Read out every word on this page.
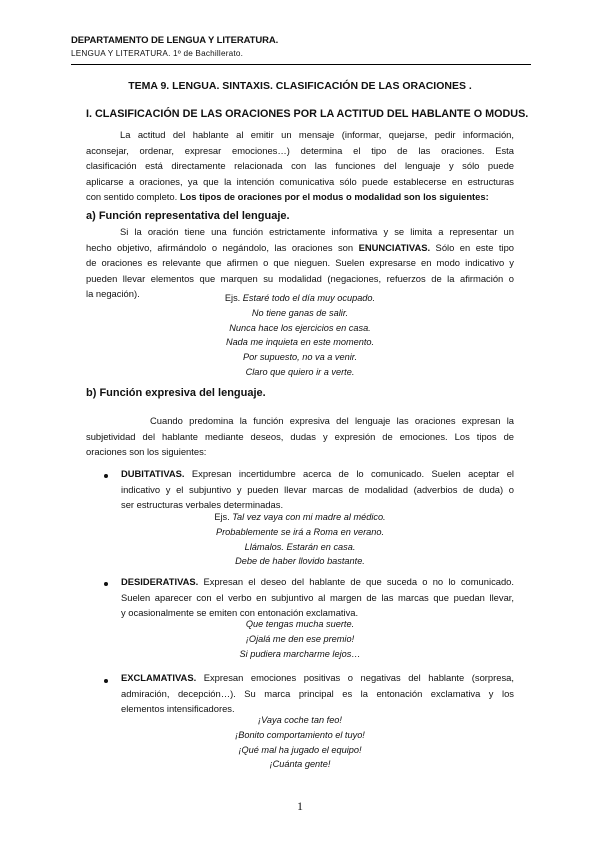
DEPARTAMENTO DE LENGUA Y LITERATURA.
LENGUA Y LITERATURA. 1º de Bachillerato.
TEMA 9. LENGUA. SINTAXIS. CLASIFICACIÓN DE LAS ORACIONES .
I. CLASIFICACIÓN DE LAS ORACIONES POR LA ACTITUD DEL HABLANTE O MODUS.
La actitud del hablante al emitir un mensaje (informar, quejarse, pedir información,
aconsejar, ordenar, expresar emociones…) determina el tipo de las oraciones. Esta
clasificación está directamente relacionada con las funciones del lenguaje y sólo puede
aplicarse a oraciones, ya que la intención comunicativa sólo puede establecerse en estructuras
con sentido completo. Los tipos de oraciones por el modus o modalidad son los siguientes:
a) Función representativa del lenguaje.
Si la oración tiene una función estrictamente informativa y se limita a representar un
hecho objetivo, afirmándolo o negándolo, las oraciones son ENUNCIATIVAS. Sólo en este tipo
de oraciones es relevante que afirmen o que nieguen. Suelen expresarse en modo indicativo y
pueden llevar elementos que marquen su modalidad (negaciones, refuerzos de la afirmación o
la negación).	Ejs. Estaré todo el día muy ocupado.
No tiene ganas de salir.
Nunca hace los ejercicios en casa.
Nada me inquieta en este momento.
Por supuesto, no va a venir.
Claro que quiero ir a verte.
b) Función expresiva del lenguaje.
Cuando predomina la función expresiva del lenguaje las oraciones expresan la
subjetividad del hablante mediante deseos, dudas y expresión de emociones. Los tipos de
oraciones son los siguientes:
DUBITATIVAS. Expresan incertidumbre acerca de lo comunicado. Suelen aceptar el
indicativo y el subjuntivo y pueden llevar marcas de modalidad (adverbios de duda) o
ser estructuras verbales determinadas.
Ejs. Tal vez vaya con mi madre al médico.
Probablemente se irá a Roma en verano.
Llámalos. Estarán en casa.
Debe de haber llovido bastante.
DESIDERATIVAS. Expresan el deseo del hablante de que suceda o no lo comunicado.
Suelen aparecer con el verbo en subjuntivo al margen de las marcas que puedan llevar,
y ocasionalmente se emiten con entonación exclamativa.
Que tengas mucha suerte.
¡Ojalá me den ese premio!
Si pudiera marcharme lejos…
EXCLAMATIVAS. Expresan emociones positivas o negativas del hablante (sorpresa,
admiración, decepción…). Su marca principal es la entonación exclamativa y los
elementos intensificadores.
¡Vaya coche tan feo!
¡Bonito comportamiento el tuyo!
¡Qué mal ha jugado el equipo!
¡Cuánta gente!
1
